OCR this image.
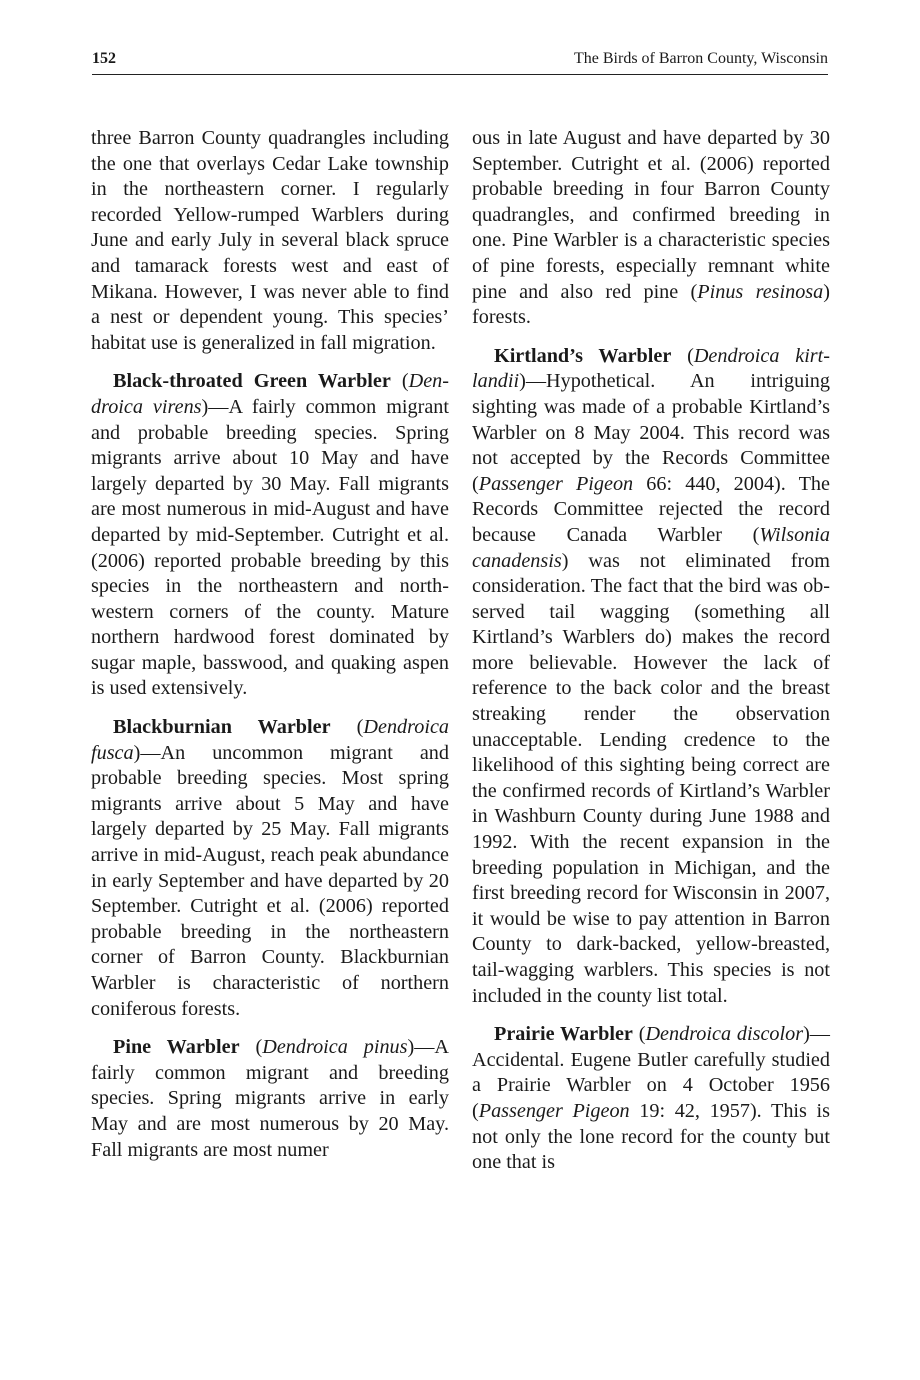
152	The Birds of Barron County, Wisconsin

three Barron County quadrangles including the one that overlays Cedar Lake township in the northeastern corner. I regularly recorded Yellow-rumped Warblers during June and early July in several black spruce and tamarack forests west and east of Mikana. However, I was never able to find a nest or dependent young. This species’ habitat use is generalized in fall migration.

Black-throated Green Warbler (Dendroica virens)—A fairly common migrant and probable breeding species. Spring migrants arrive about 10 May and have largely departed by 30 May. Fall migrants are most numerous in mid-August and have departed by mid-September. Cutright et al. (2006) reported probable breeding by this species in the northeastern and northwestern corners of the county. Mature northern hardwood forest dominated by sugar maple, basswood, and quaking aspen is used extensively.

Blackburnian Warbler (Dendroica fusca)—An uncommon migrant and probable breeding species. Most spring migrants arrive about 5 May and have largely departed by 25 May. Fall migrants arrive in mid-August, reach peak abundance in early September and have departed by 20 September. Cutright et al. (2006) reported probable breeding in the northeastern corner of Barron County. Blackburnian Warbler is characteristic of northern coniferous forests.

Pine Warbler (Dendroica pinus)—A fairly common migrant and breeding species. Spring migrants arrive in early May and are most numerous by 20 May. Fall migrants are most numer

ous in late August and have departed by 30 September. Cutright et al. (2006) reported probable breeding in four Barron County quadrangles, and confirmed breeding in one. Pine Warbler is a characteristic species of pine forests, especially remnant white pine and also red pine (Pinus resinosa) forests.

Kirtland’s Warbler (Dendroica kirtlandii)—Hypothetical. An intriguing sighting was made of a probable Kirtland’s Warbler on 8 May 2004. This record was not accepted by the Records Committee (Passenger Pigeon 66: 440, 2004). The Records Committee rejected the record because Canada Warbler (Wilsonia canadensis) was not eliminated from consideration. The fact that the bird was observed tail wagging (something all Kirtland’s Warblers do) makes the record more believable. However the lack of reference to the back color and the breast streaking render the observation unacceptable. Lending credence to the likelihood of this sighting being correct are the confirmed records of Kirtland’s Warbler in Washburn County during June 1988 and 1992. With the recent expansion in the breeding population in Michigan, and the first breeding record for Wisconsin in 2007, it would be wise to pay attention in Barron County to dark-backed, yellow-breasted, tail-wagging warblers. This species is not included in the county list total.

Prairie Warbler (Dendroica discolor)—Accidental. Eugene Butler carefully studied a Prairie Warbler on 4 October 1956 (Passenger Pigeon 19: 42, 1957). This is not only the lone record for the county but one that is
